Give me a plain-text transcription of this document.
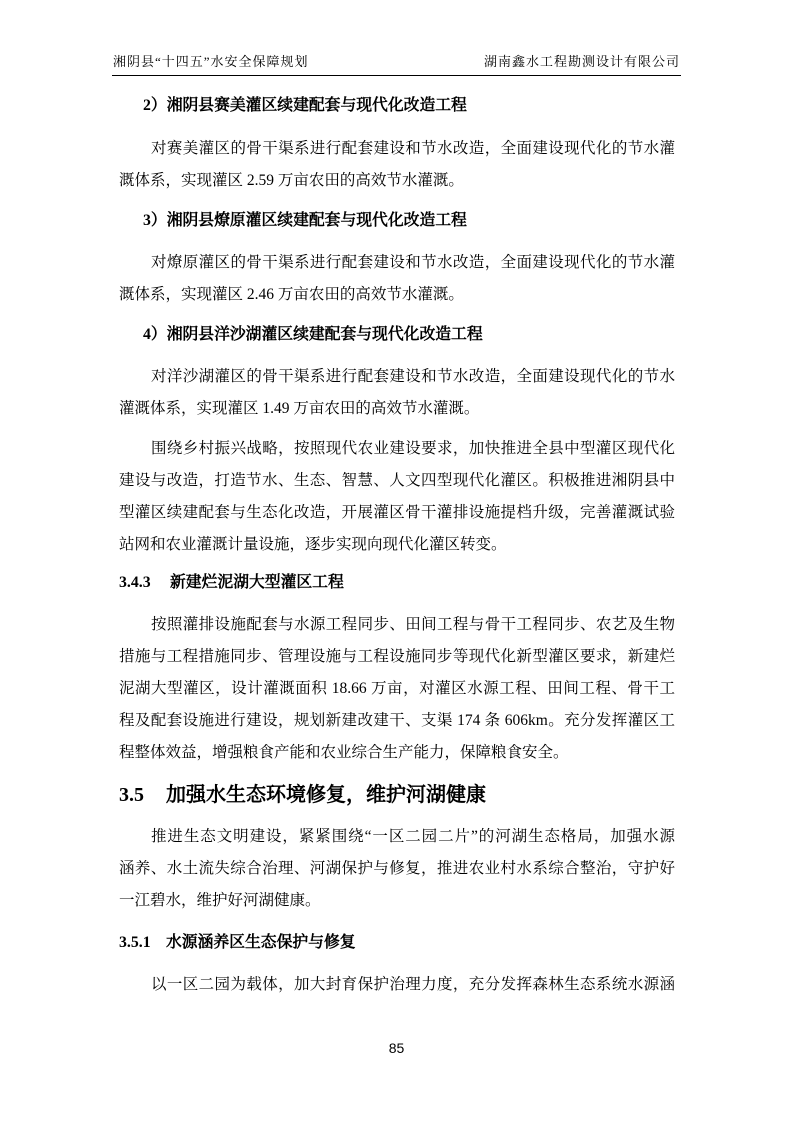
湘阴县“十四五”水安全保障规划	湖南鑫水工程勘测设计有限公司
2）湘阴县赛美灌区续建配套与现代化改造工程
对赛美灌区的骨干渠系进行配套建设和节水改造，全面建设现代化的节水灌
溉体系，实现灌区 2.59 万亩农田的高效节水灌溉。
3）湘阴县燎原灌区续建配套与现代化改造工程
对燎原灌区的骨干渠系进行配套建设和节水改造，全面建设现代化的节水灌
溉体系，实现灌区 2.46 万亩农田的高效节水灌溉。
4）湘阴县洋沙湖灌区续建配套与现代化改造工程
对洋沙湖灌区的骨干渠系进行配套建设和节水改造，全面建设现代化的节水
灌溉体系，实现灌区 1.49 万亩农田的高效节水灌溉。
围绕乡村振兴战略，按照现代农业建设要求，加快推进全县中型灌区现代化
建设与改造，打造节水、生态、智慧、人文四型现代化灌区。积极推进湘阴县中
型灌区续建配套与生态化改造，开展灌区骨干灌排设施提档升级，完善灌溉试验
站网和农业灌溉计量设施，逐步实现向现代化灌区转变。
3.4.3 新建烂泥湖大型灌区工程
按照灌排设施配套与水源工程同步、田间工程与骨干工程同步、农艺及生物
措施与工程措施同步、管理设施与工程设施同步等现代化新型灌区要求，新建烂
泥湖大型灌区，设计灌溉面积 18.66 万亩，对灌区水源工程、田间工程、骨干工
程及配套设施进行建设，规划新建改建干、支渠 174 条 606km。充分发挥灌区工
程整体效益，增强粮食产能和农业综合生产能力，保障粮食安全。
3.5 加强水生态环境修复，维护河湖健康
推进生态文明建设，紧紧围绕“一区二园二片”的河湖生态格局，加强水源
涵养、水土流失综合治理、河湖保护与修复，推进农业村水系综合整治，守护好
一江碧水，维护好河湖健康。
3.5.1 水源涵养区生态保护与修复
以一区二园为载体，加大封育保护治理力度，充分发挥森林生态系统水源涵
85
